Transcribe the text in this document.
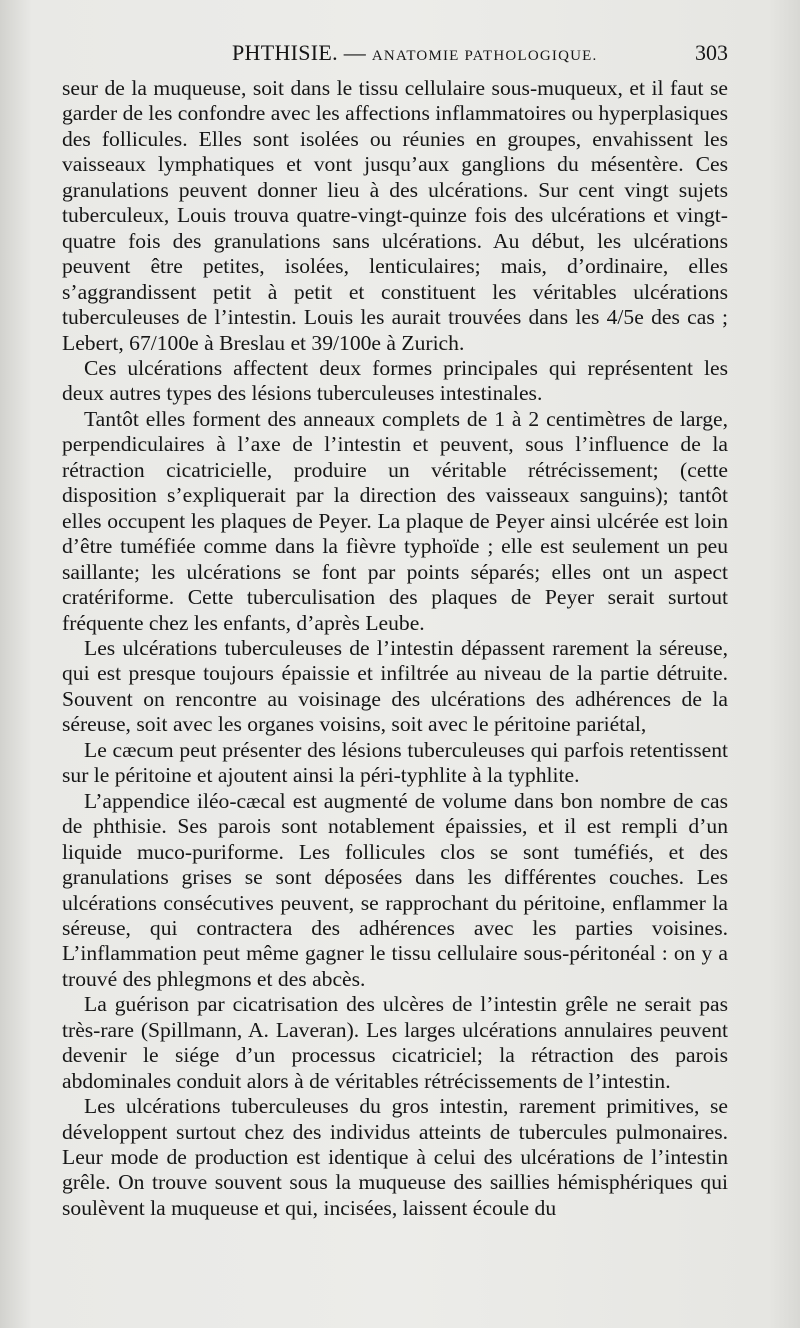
PHTHISIE. — ANATOMIE PATHOLOGIQUE.	303

seur de la muqueuse, soit dans le tissu cellulaire sous-muqueux, et il faut se garder de les confondre avec les affections inflammatoires ou hyperplasiques des follicules. Elles sont isolées ou réunies en groupes, envahissent les vaisseaux lymphatiques et vont jusqu’aux ganglions du mésentère. Ces granulations peuvent donner lieu à des ulcérations. Sur cent vingt sujets tuberculeux, Louis trouva quatre-vingt-quinze fois des ulcérations et vingt-quatre fois des granulations sans ulcérations. Au début, les ulcérations peuvent être petites, isolées, lenticulaires; mais, d’ordinaire, elles s’aggrandissent petit à petit et constituent les véritables ulcérations tuberculeuses de l’intestin. Louis les aurait trouvées dans les 4/5e des cas ; Lebert, 67/100e à Breslau et 39/100e à Zurich.

Ces ulcérations affectent deux formes principales qui représentent les deux autres types des lésions tuberculeuses intestinales.

Tantôt elles forment des anneaux complets de 1 à 2 centimètres de large, perpendiculaires à l’axe de l’intestin et peuvent, sous l’influence de la rétraction cicatricielle, produire un véritable rétrécissement; (cette disposition s’expliquerait par la direction des vaisseaux sanguins); tantôt elles occupent les plaques de Peyer. La plaque de Peyer ainsi ulcérée est loin d’être tuméfiée comme dans la fièvre typhoïde ; elle est seulement un peu saillante; les ulcérations se font par points séparés; elles ont un aspect cratériforme. Cette tuberculisation des plaques de Peyer serait surtout fréquente chez les enfants, d’après Leube.

Les ulcérations tuberculeuses de l’intestin dépassent rarement la séreuse, qui est presque toujours épaissie et infiltrée au niveau de la partie détruite. Souvent on rencontre au voisinage des ulcérations des adhérences de la séreuse, soit avec les organes voisins, soit avec le péritoine pariétal,

Le cæcum peut présenter des lésions tuberculeuses qui parfois retentissent sur le péritoine et ajoutent ainsi la péri-typhlite à la typhlite.

L’appendice iléo-cæcal est augmenté de volume dans bon nombre de cas de phthisie. Ses parois sont notablement épaissies, et il est rempli d’un liquide muco-puriforme. Les follicules clos se sont tuméfiés, et des granulations grises se sont déposées dans les différentes couches. Les ulcérations consécutives peuvent, se rapprochant du péritoine, enflammer la séreuse, qui contractera des adhérences avec les parties voisines. L’inflammation peut même gagner le tissu cellulaire sous-péritonéal : on y a trouvé des phlegmons et des abcès.

La guérison par cicatrisation des ulcères de l’intestin grêle ne serait pas très-rare (Spillmann, A. Laveran). Les larges ulcérations annulaires peuvent devenir le siége d’un processus cicatriciel; la rétraction des parois abdominales conduit alors à de véritables rétrécissements de l’intestin.

Les ulcérations tuberculeuses du gros intestin, rarement primitives, se développent surtout chez des individus atteints de tubercules pulmonaires. Leur mode de production est identique à celui des ulcérations de l’intestin grêle. On trouve souvent sous la muqueuse des saillies hémisphériques qui soulèvent la muqueuse et qui, incisées, laissent écoule du
